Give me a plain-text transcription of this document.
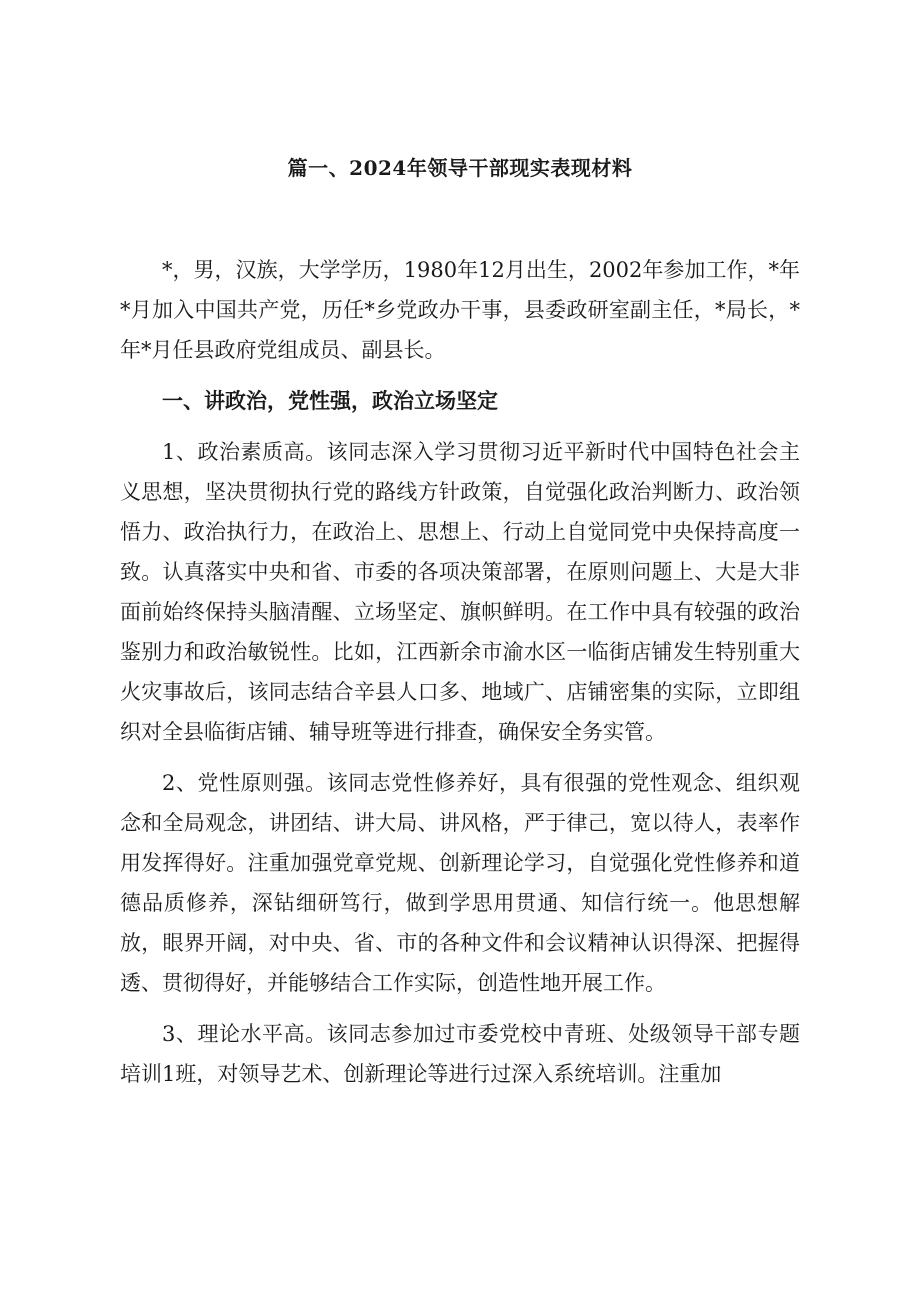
篇一、2024年领导干部现实表现材料

*，男，汉族，大学学历，1980年12月出生，2002年参加工作，*年*月加入中国共产党，历任*乡党政办干事，县委政研室副主任，*局长，*年*月任县政府党组成员、副县长。

一、讲政治，党性强，政治立场坚定

1、政治素质高。该同志深入学习贯彻习近平新时代中国特色社会主义思想，坚决贯彻执行党的路线方针政策，自觉强化政治判断力、政治领悟力、政治执行力，在政治上、思想上、行动上自觉同党中央保持高度一致。认真落实中央和省、市委的各项决策部署，在原则问题上、大是大非面前始终保持头脑清醒、立场坚定、旗帜鲜明。在工作中具有较强的政治鉴别力和政治敏锐性。比如，江西新余市渝水区一临街店铺发生特别重大火灾事故后，该同志结合辛县人口多、地域广、店铺密集的实际，立即组织对全县临街店铺、辅导班等进行排查，确保安全务实管。

2、党性原则强。该同志党性修养好，具有很强的党性观念、组织观念和全局观念，讲团结、讲大局、讲风格，严于律己，宽以待人，表率作用发挥得好。注重加强党章党规、创新理论学习，自觉强化党性修养和道德品质修养，深钻细研笃行，做到学思用贯通、知信行统一。他思想解放，眼界开阔，对中央、省、市的各种文件和会议精神认识得深、把握得透、贯彻得好，并能够结合工作实际，创造性地开展工作。

3、理论水平高。该同志参加过市委党校中青班、处级领导干部专题培训1班，对领导艺术、创新理论等进行过深入系统培训。注重加
